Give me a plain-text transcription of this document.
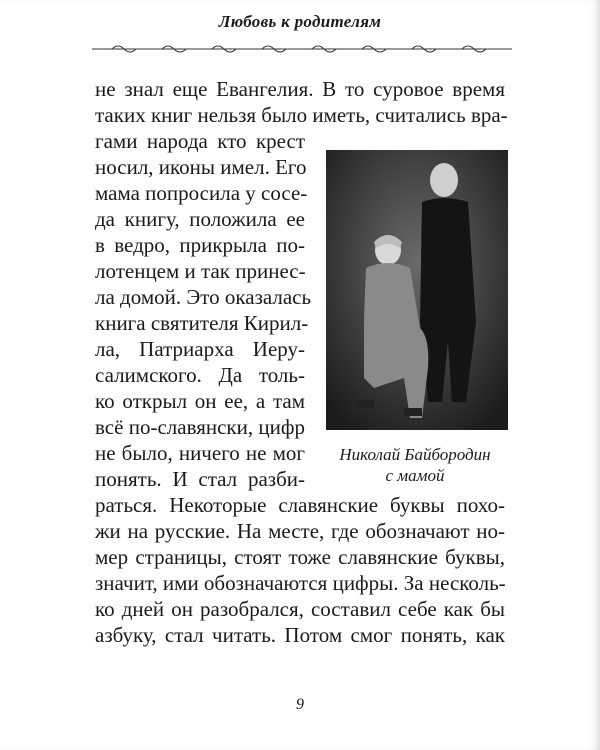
Любовь к родителям
не знал еще Евангелия. В то суровое время
таких книг нельзя было иметь, считались вра-
гами народа кто крест
носил, иконы имел. Его
мама попросила у сосе-
да книгу, положила ее
в ведро, прикрыла по-
лотенцем и так принес-
ла домой. Это оказалась
книга святителя Кирил-
ла, Патриарха Иеру-
салимского. Да толь-
ко открыл он ее, а там
всё по-славянски, цифр
не было, ничего не мог
понять. И стал разби-
раться. Некоторые славянские буквы похо-
жи на русские. На месте, где обозначают но-
мер страницы, стоят тоже славянские буквы,
значит, ими обозначаются цифры. За несколь-
ко дней он разобрался, составил себе как бы
азбуку, стал читать. Потом смог понять, как
Николай Байбородин
с мамой
9
